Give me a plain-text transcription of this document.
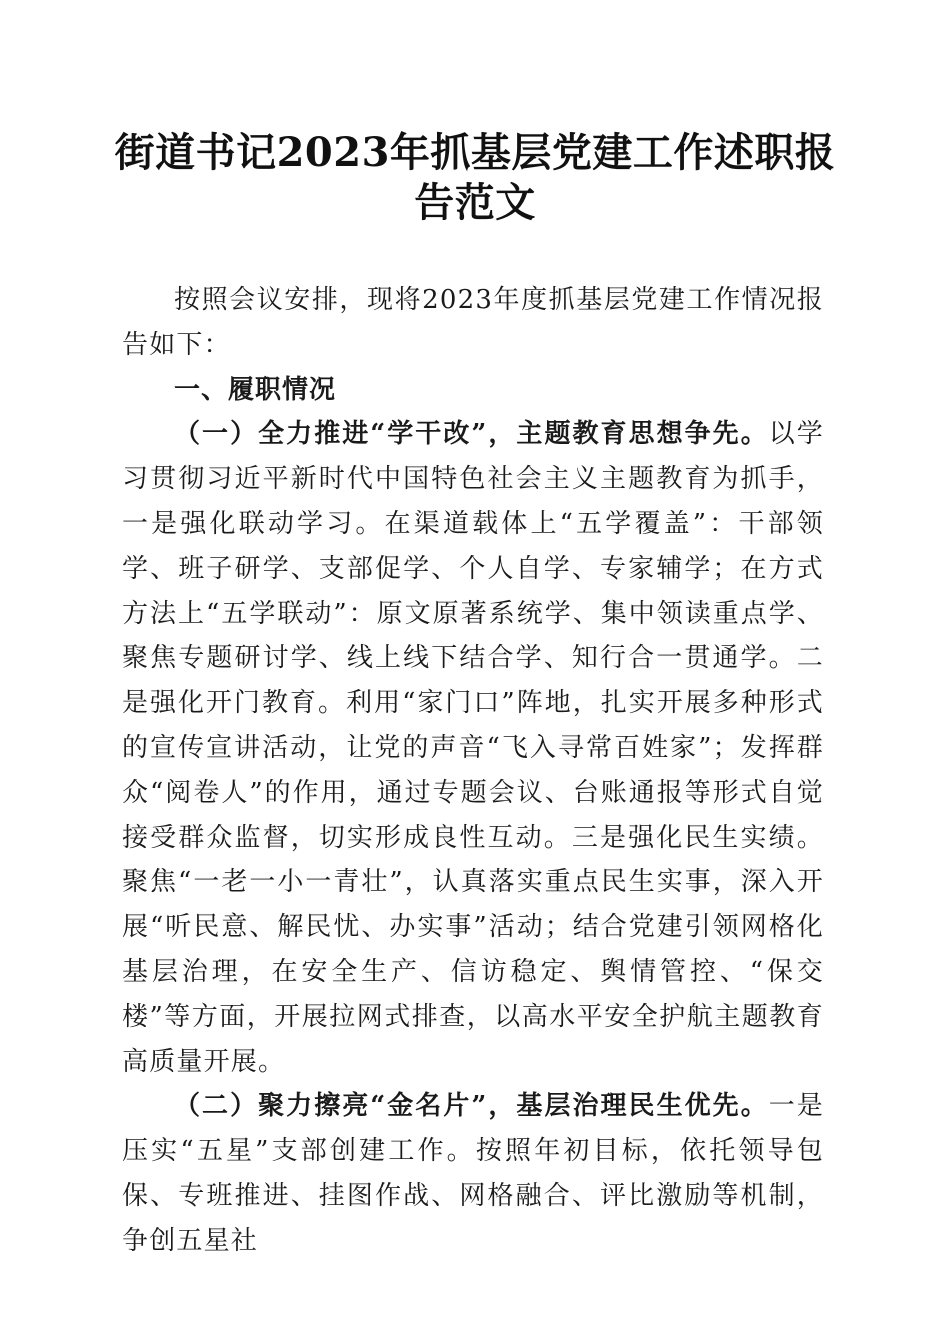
街道书记2023年抓基层党建工作述职报告范文

按照会议安排，现将2023年度抓基层党建工作情况报告如下：

一、履职情况

（一）全力推进“学干改”，主题教育思想争先。以学习贯彻习近平新时代中国特色社会主义主题教育为抓手，一是强化联动学习。在渠道载体上“五学覆盖”：干部领学、班子研学、支部促学、个人自学、专家辅学；在方式方法上“五学联动”：原文原著系统学、集中领读重点学、聚焦专题研讨学、线上线下结合学、知行合一贯通学。二是强化开门教育。利用“家门口”阵地，扎实开展多种形式的宣传宣讲活动，让党的声音“飞入寻常百姓家”；发挥群众“阅卷人”的作用，通过专题会议、台账通报等形式自觉接受群众监督，切实形成良性互动。三是强化民生实绩。聚焦“一老一小一青壮”，认真落实重点民生实事，深入开展“听民意、解民忧、办实事”活动；结合党建引领网格化基层治理，在安全生产、信访稳定、舆情管控、“保交楼”等方面，开展拉网式排查，以高水平安全护航主题教育高质量开展。

（二）聚力擦亮“金名片”，基层治理民生优先。一是压实“五星”支部创建工作。按照年初目标，依托领导包保、专班推进、挂图作战、网格融合、评比激励等机制，争创五星社
